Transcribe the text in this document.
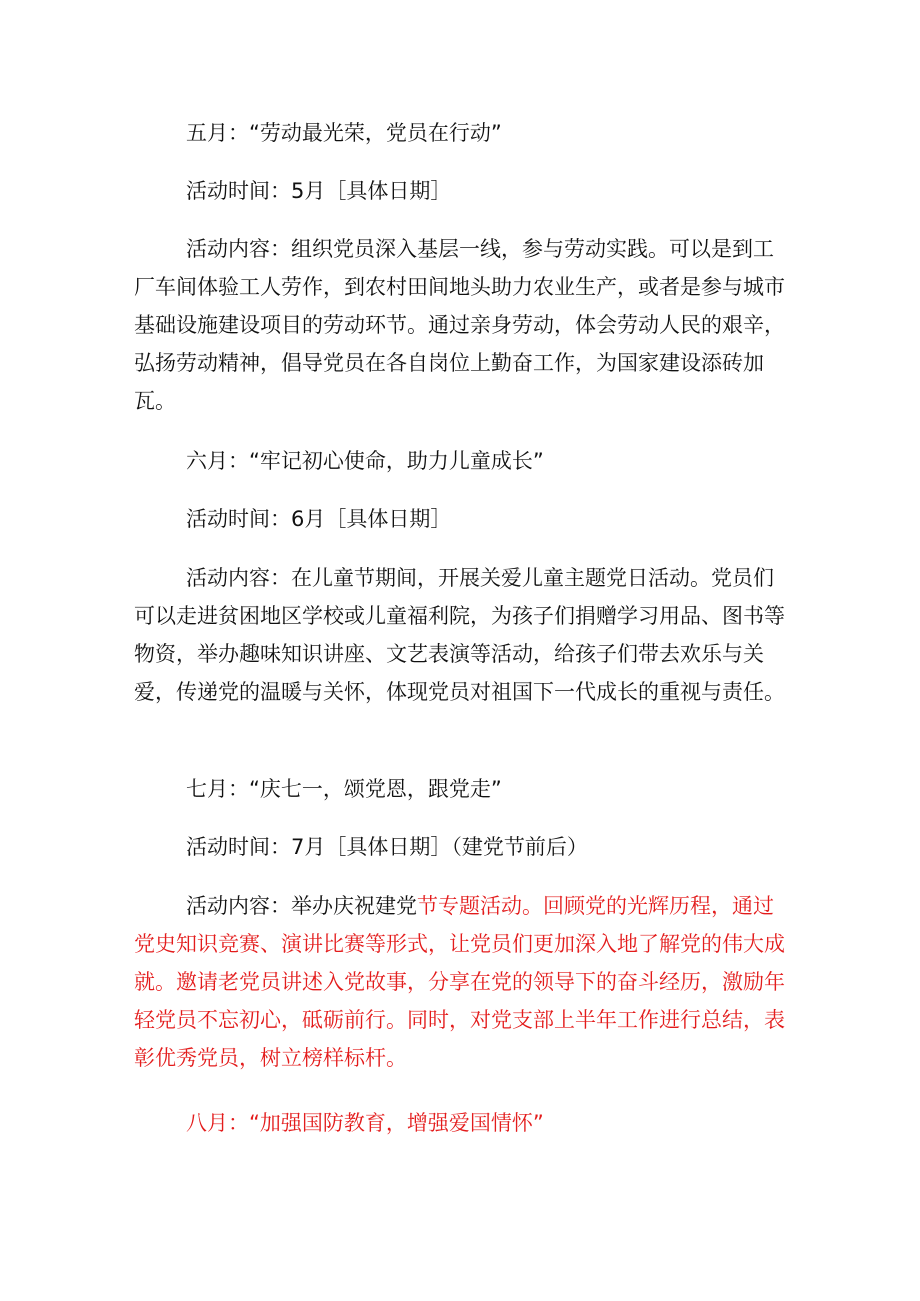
五月：“劳动最光荣，党员在行动”

活动时间：5月［具体日期］

活动内容：组织党员深入基层一线，参与劳动实践。可以是到工厂车间体验工人劳作，到农村田间地头助力农业生产，或者是参与城市基础设施建设项目的劳动环节。通过亲身劳动，体会劳动人民的艰辛，弘扬劳动精神，倡导党员在各自岗位上勤奋工作，为国家建设添砖加瓦。

六月：“牢记初心使命，助力儿童成长”

活动时间：6月［具体日期］

活动内容：在儿童节期间，开展关爱儿童主题党日活动。党员们可以走进贫困地区学校或儿童福利院，为孩子们捐赠学习用品、图书等物资，举办趣味知识讲座、文艺表演等活动，给孩子们带去欢乐与关爱，传递党的温暖与关怀，体现党员对祖国下一代成长的重视与责任。

七月：“庆七一，颂党恩，跟党走”

活动时间：7月［具体日期］（建党节前后）

活动内容：举办庆祝建党节专题活动。回顾党的光辉历程，通过党史知识竞赛、演讲比赛等形式，让党员们更加深入地了解党的伟大成就。邀请老党员讲述入党故事，分享在党的领导下的奋斗经历，激励年轻党员不忘初心，砥砺前行。同时，对党支部上半年工作进行总结，表彰优秀党员，树立榜样标杆。

八月：“加强国防教育，增强爱国情怀”
